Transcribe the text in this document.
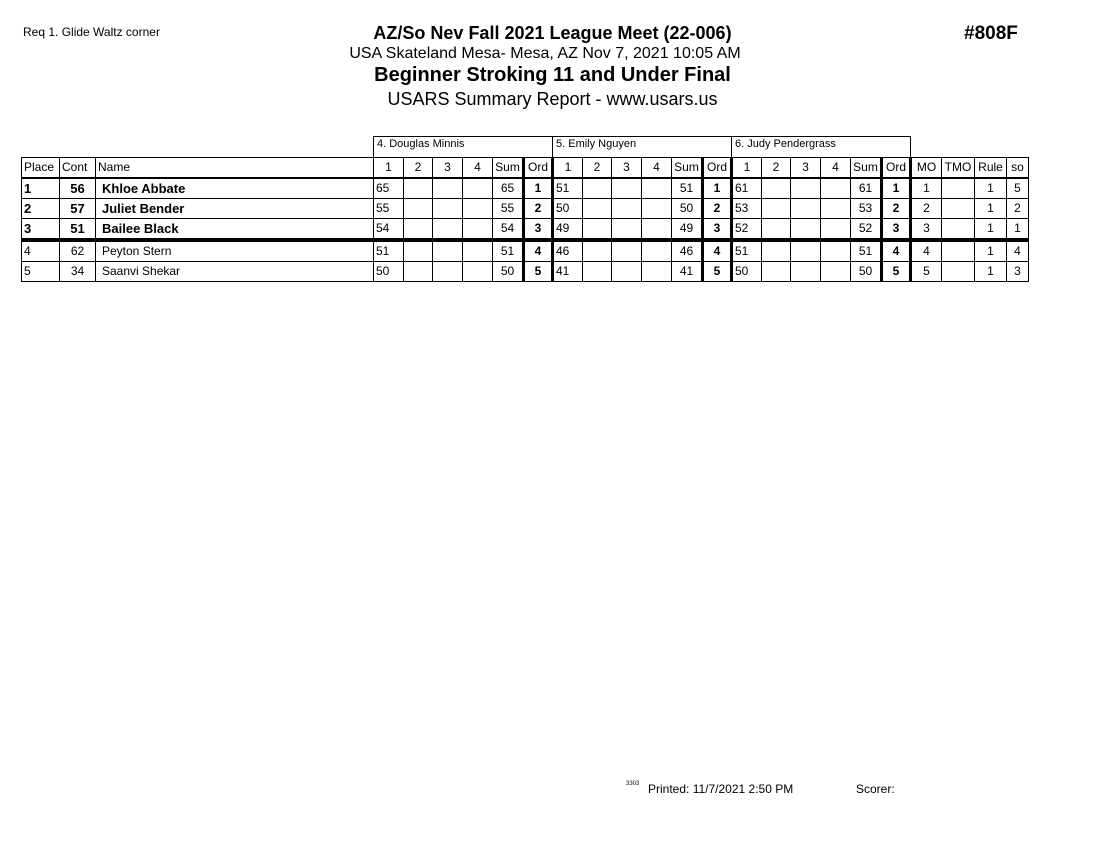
Req 1. Glide Waltz corner	AZ/So Nev Fall 2021 League Meet (22-006)
USA Skateland Mesa- Mesa, AZ Nov 7, 2021 10:05 AM
Beginner Stroking 11 and Under Final
USARS Summary Report - www.usars.us
#808F
			4. Douglas Minnis						5. Emily Nguyen						6. Judy Pendergrass									
Place	Cont	Name	1	2	3	4	Sum	Ord	1	2	3	4	Sum	Ord	1	2	3	4	Sum	Ord	MO	TMO	Rule	so
1	56	Khloe Abbate	65				65	1	51				51	1	61				61	1	1		1	5
2	57	Juliet Bender	55				55	2	50				50	2	53				53	2	2		1	2
3	51	Bailee Black	54				54	3	49				49	3	52				52	3	3		1	1
4	62	Peyton Stern	51				51	4	46				46	4	51				51	4	4		1	4
5	34	Saanvi Shekar	50				50	5	41				41	5	50				50	5	5		1	3
3303 Printed: 11/7/2021 2:50 PM	Scorer:
